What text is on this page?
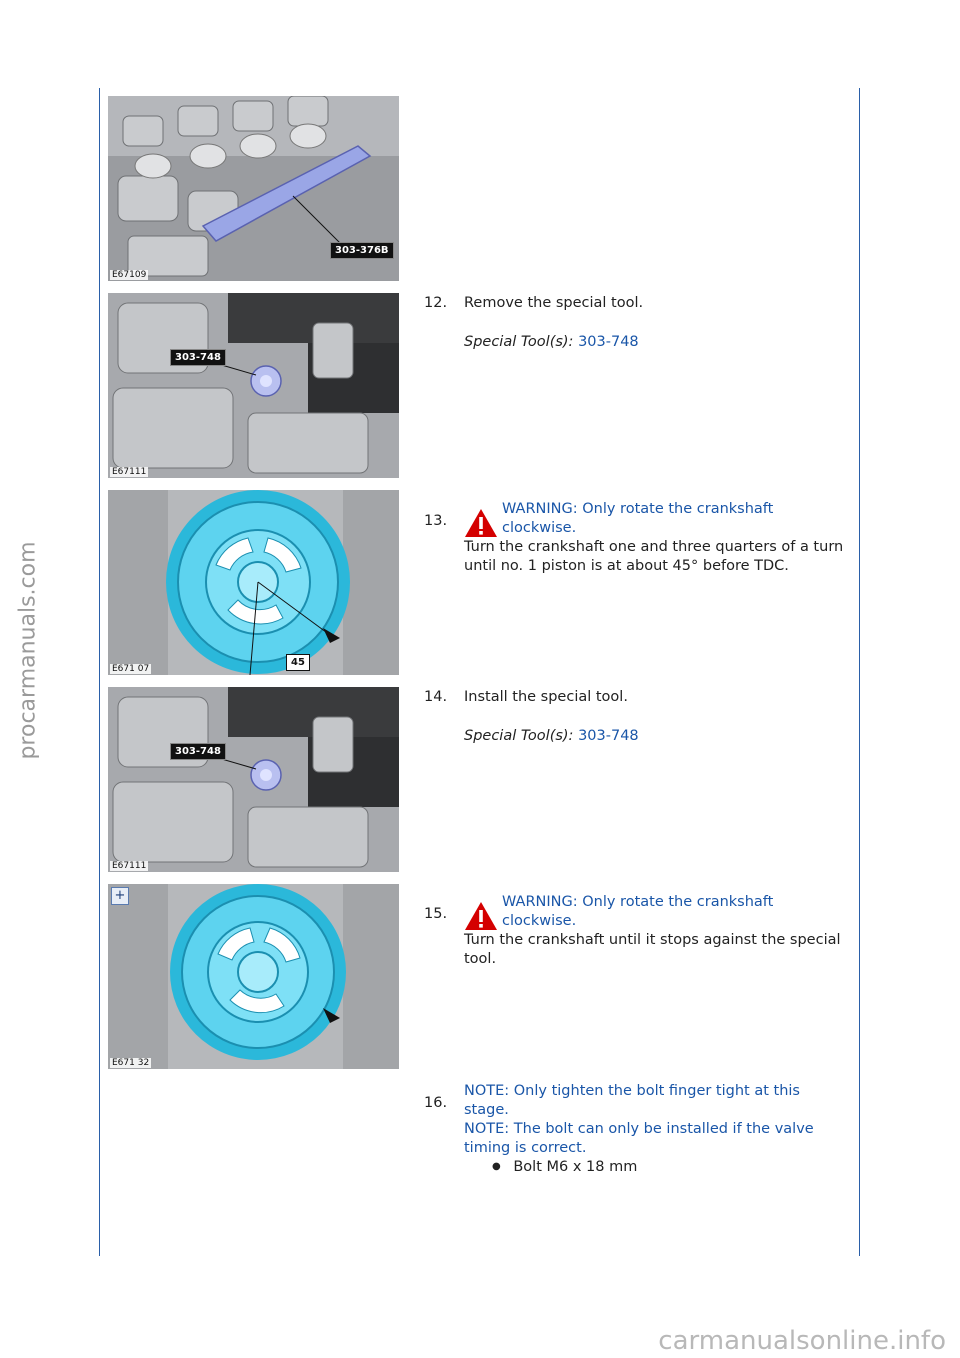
procarmanuals.com
303-376B
E67109
303-748
E67111
45
E671 07
303-748
E67111
+
E671 32
12. Remove the special tool.
Special Tool(s): 303-748
13.
WARNING: Only rotate the crankshaft clockwise.
Turn the crankshaft one and three quarters of a turn until no. 1 piston is at about 45° before TDC.
14. Install the special tool.
Special Tool(s): 303-748
15.
WARNING: Only rotate the crankshaft clockwise.
Turn the crankshaft until it stops against the special tool.
16.
NOTE: Only tighten the bolt finger tight at this stage.
NOTE: The bolt can only be installed if the valve timing is correct.
● Bolt M6 x 18 mm
carmanualsonline.info
